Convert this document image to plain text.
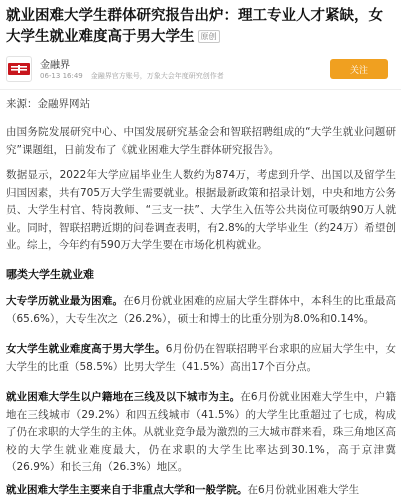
就业困难大学生群体研究报告出炉：理工专业人才紧缺，女大学生就业难度高于男大学生 原创
金融界
06-13 16:49 金融界官方账号，万象大会年度研究创作者
关注
来源：金融界网站
由国务院发展研究中心、中国发展研究基金会和智联招聘组成的“大学生就业问题研究”课题组，日前发布了《就业困难大学生群体研究报告》。
数据显示，2022年大学应届毕业生人数约为874万，考虑到升学、出国以及留学生归国因素，共有705万大学生需要就业。根据最新政策和招录计划，中央和地方公务员、大学生村官、特岗教师、“三支一扶”、大学生入伍等公共岗位可吸纳90万人就业。同时，智联招聘近期的问卷调查表明，有2.8%的大学毕业生（约24万）希望创业。综上，今年约有590万大学生要在市场化机构就业。
哪类大学生就业难
大专学历就业最为困难。在6月份就业困难的应届大学生群体中，本科生的比重最高（65.6%），大专生次之（26.2%），硕士和博士的比重分别为8.0%和0.14%。
女大学生就业难度高于男大学生。6月份仍在智联招聘平台求职的应届大学生中，女大学生的比重（58.5%）比男大学生（41.5%）高出17个百分点。
就业困难大学生以户籍地在三线及以下城市为主。在6月份就业困难大学生中，户籍地在三线城市（29.2%）和四五线城市（41.5%）的大学生比重超过了七成，构成了仍在求职的大学生的主体。从就业竞争最为激烈的三大城市群来看，珠三角地区高校的大学生就业难度最大，仍在求职的大学生比率达到30.1%，高于京津冀（26.9%）和长三角（26.3%）地区。
就业困难大学生主要来自于非重点大学和一般学院。在6月份就业困难大学生
